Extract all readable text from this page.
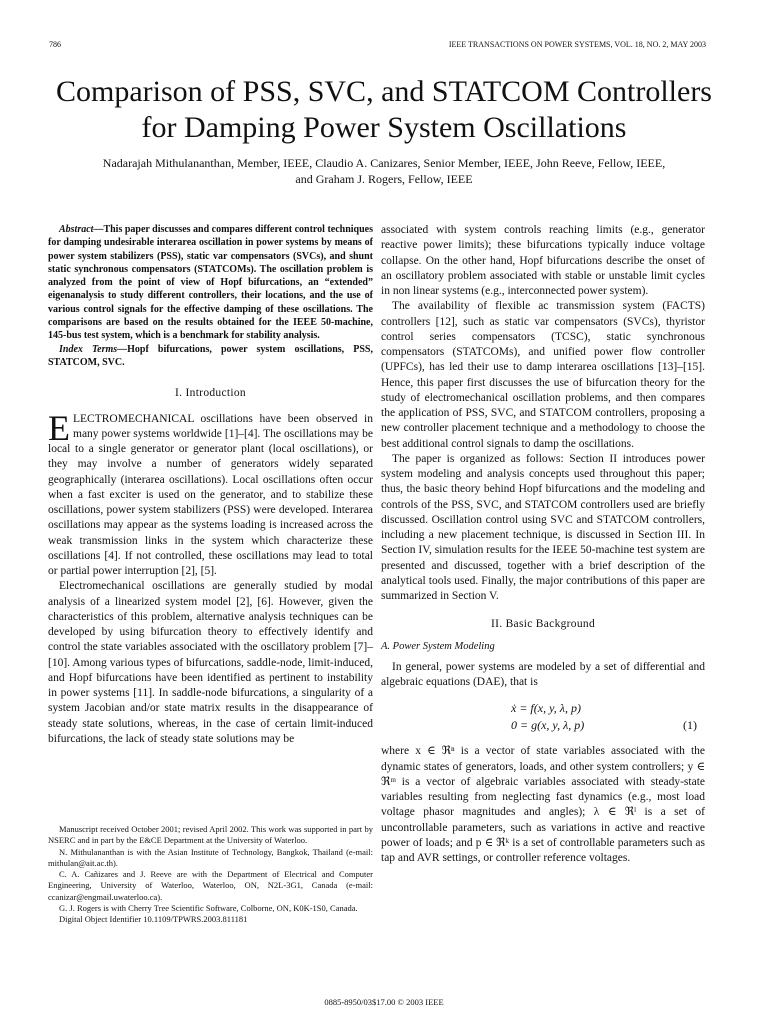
786	IEEE TRANSACTIONS ON POWER SYSTEMS, VOL. 18, NO. 2, MAY 2003
Comparison of PSS, SVC, and STATCOM Controllers
for Damping Power System Oscillations
Nadarajah Mithulananthan, Member, IEEE, Claudio A. Canizares, Senior Member, IEEE, John Reeve, Fellow, IEEE,
and Graham J. Rogers, Fellow, IEEE

Abstract—This paper discusses and compares different control techniques for damping undesirable interarea oscillation in power systems by means of power system stabilizers (PSS), static var compensators (SVCs), and shunt static synchronous compensators (STATCOMs). The oscillation problem is analyzed from the point of view of Hopf bifurcations, an “extended” eigenanalysis to study different controllers, their locations, and the use of various control signals for the effective damping of these oscillations. The comparisons are based on the results obtained for the IEEE 50-machine, 145-bus test system, which is a benchmark for stability analysis.

Index Terms—Hopf bifurcations, power system oscillations, PSS, STATCOM, SVC.

I. Introduction

ELECTROMECHANICAL oscillations have been observed in many power systems worldwide [1]–[4]. The oscillations may be local to a single generator or generator plant (local oscillations), or they may involve a number of generators widely separated geographically (interarea oscillations). Local oscillations often occur when a fast exciter is used on the generator, and to stabilize these oscillations, power system stabilizers (PSS) were developed. Interarea oscillations may appear as the systems loading is increased across the weak transmission links in the system which characterize these oscillations [4]. If not controlled, these oscillations may lead to total or partial power interruption [2], [5].

Electromechanical oscillations are generally studied by modal analysis of a linearized system model [2], [6]. However, given the characteristics of this problem, alternative analysis techniques can be developed by using bifurcation theory to effectively identify and control the state variables associated with the oscillatory problem [7]–[10]. Among various types of bifurcations, saddle-node, limit-induced, and Hopf bifurcations have been identified as pertinent to instability in power systems [11]. In saddle-node bifurcations, a singularity of a system Jacobian and/or state matrix results in the disappearance of steady state solutions, whereas, in the case of certain limit-induced bifurcations, the lack of steady state solutions may be

Manuscript received October 2001; revised April 2002. This work was supported in part by NSERC and in part by the E&CE Department at the University of Waterloo.

N. Mithulananthan is with the Asian Institute of Technology, Bangkok, Thailand (e-mail: mithulan@ait.ac.th).

C. A. Cañizares and J. Reeve are with the Department of Electrical and Computer Engineering, University of Waterloo, Waterloo, ON, N2L-3G1, Canada (e-mail: ccanizar@engmail.uwaterloo.ca).

G. J. Rogers is with Cherry Tree Scientific Software, Colborne, ON, K0K-1S0, Canada.

Digital Object Identifier 10.1109/TPWRS.2003.811181

associated with system controls reaching limits (e.g., generator reactive power limits); these bifurcations typically induce voltage collapse. On the other hand, Hopf bifurcations describe the onset of an oscillatory problem associated with stable or unstable limit cycles in non linear systems (e.g., interconnected power system).

The availability of flexible ac transmission system (FACTS) controllers [12], such as static var compensators (SVCs), thyristor control series compensators (TCSC), static synchronous compensators (STATCOMs), and unified power flow controller (UPFCs), has led their use to damp interarea oscillations [13]–[15]. Hence, this paper first discusses the use of bifurcation theory for the study of electromechanical oscillation problems, and then compares the application of PSS, SVC, and STATCOM controllers, proposing a new controller placement technique and a methodology to choose the best additional control signals to damp the oscillations.

The paper is organized as follows: Section II introduces power system modeling and analysis concepts used throughout this paper; thus, the basic theory behind Hopf bifurcations and the modeling and controls of the PSS, SVC, and STATCOM controllers used are briefly discussed. Oscillation control using SVC and STATCOM controllers, including a new placement technique, is discussed in Section III. In Section IV, simulation results for the IEEE 50-machine test system are presented and discussed, together with a brief description of the analytical tools used. Finally, the major contributions of this paper are summarized in Section V.

II. Basic Background
A. Power System Modeling

In general, power systems are modeled by a set of differential and algebraic equations (DAE), that is

ẋ = f(x, y, λ, p)
0 = g(x, y, λ, p)	(1)

where x ∈ ℜⁿ is a vector of state variables associated with the dynamic states of generators, loads, and other system controllers; y ∈ ℜᵐ is a vector of algebraic variables associated with steady-state variables resulting from neglecting fast dynamics (e.g., most load voltage phasor magnitudes and angles); λ ∈ ℜˡ is a set of uncontrollable parameters, such as variations in active and reactive power of loads; and p ∈ ℜᵏ is a set of controllable parameters such as tap and AVR settings, or controller reference voltages.

0885-8950/03$17.00 © 2003 IEEE
